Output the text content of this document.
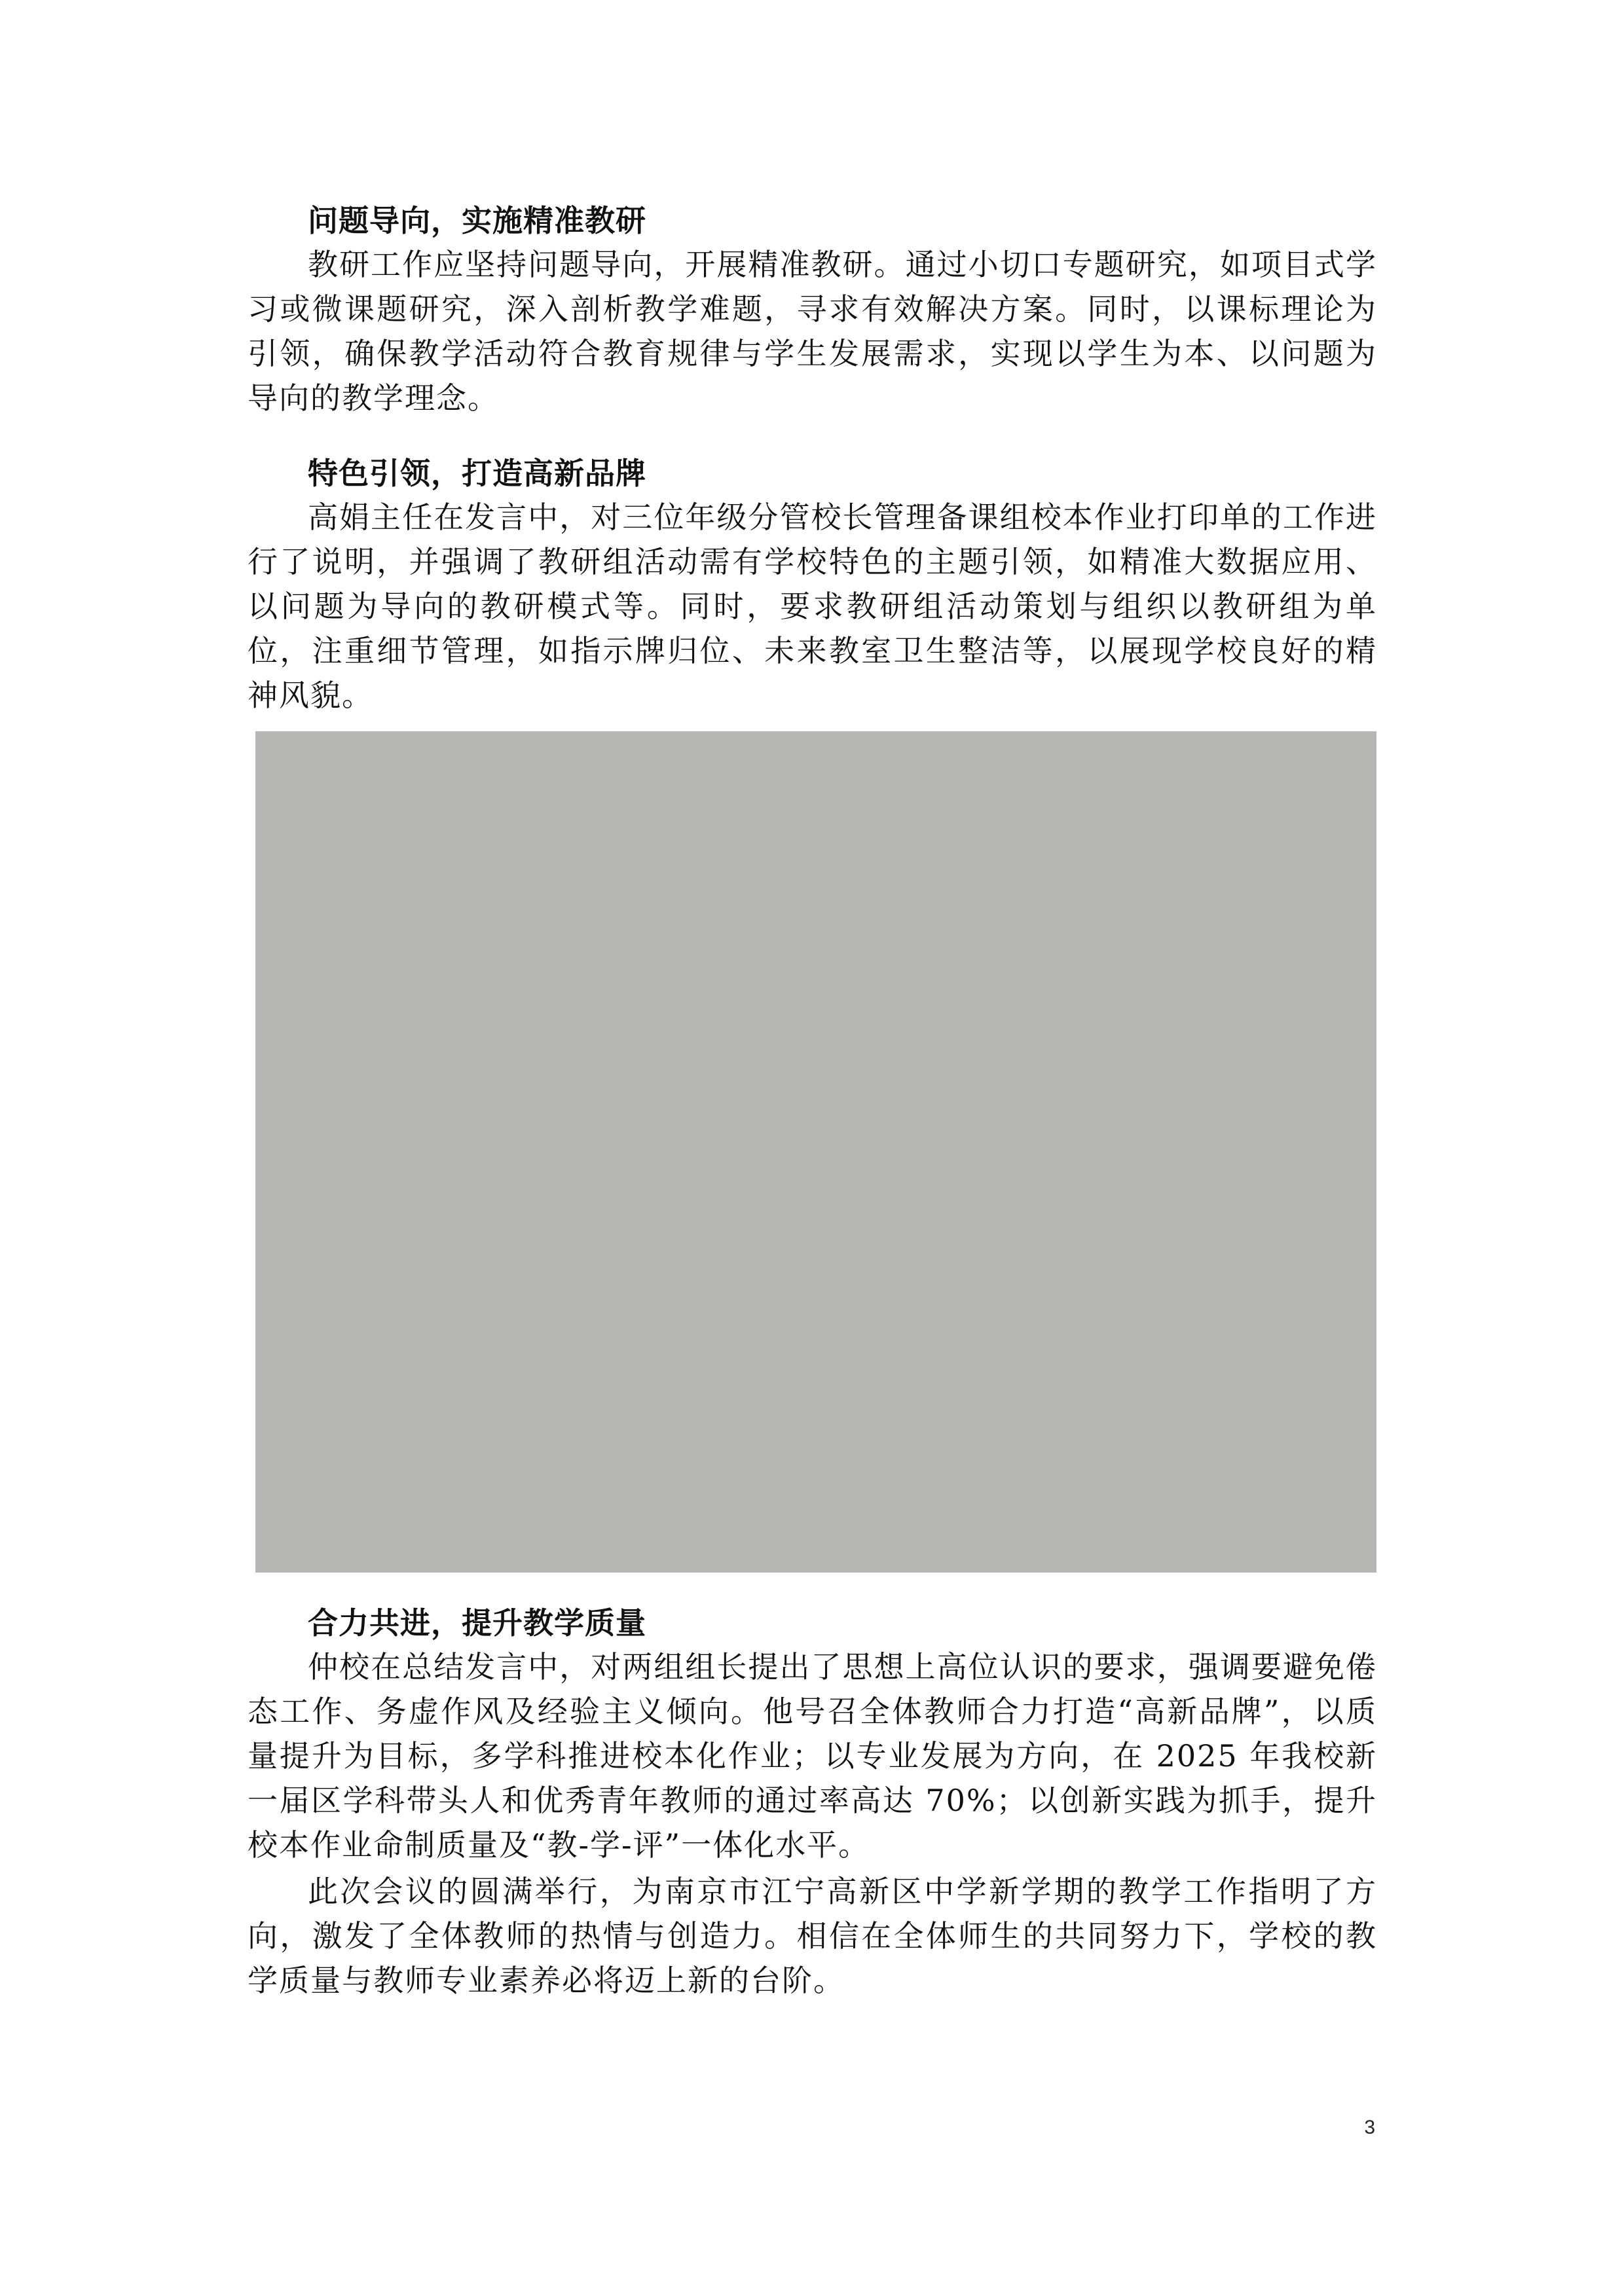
问题导向，实施精准教研

教研工作应坚持问题导向，开展精准教研。通过小切口专题研究，如项目式学习或微课题研究，深入剖析教学难题，寻求有效解决方案。同时，以课标理论为引领，确保教学活动符合教育规律与学生发展需求，实现以学生为本、以问题为导向的教学理念。

特色引领，打造高新品牌

高娟主任在发言中，对三位年级分管校长管理备课组校本作业打印单的工作进行了说明，并强调了教研组活动需有学校特色的主题引领，如精准大数据应用、以问题为导向的教研模式等。同时，要求教研组活动策划与组织以教研组为单位，注重细节管理，如指示牌归位、未来教室卫生整洁等，以展现学校良好的精神风貌。

合力共进，提升教学质量

仲校在总结发言中，对两组组长提出了思想上高位认识的要求，强调要避免倦态工作、务虚作风及经验主义倾向。他号召全体教师合力打造“高新品牌”，以质量提升为目标，多学科推进校本化作业；以专业发展为方向，在 2025 年我校新一届区学科带头人和优秀青年教师的通过率高达 70%；以创新实践为抓手，提升校本作业命制质量及“教-学-评”一体化水平。

此次会议的圆满举行，为南京市江宁高新区中学新学期的教学工作指明了方向，激发了全体教师的热情与创造力。相信在全体师生的共同努力下，学校的教学质量与教师专业素养必将迈上新的台阶。

3
